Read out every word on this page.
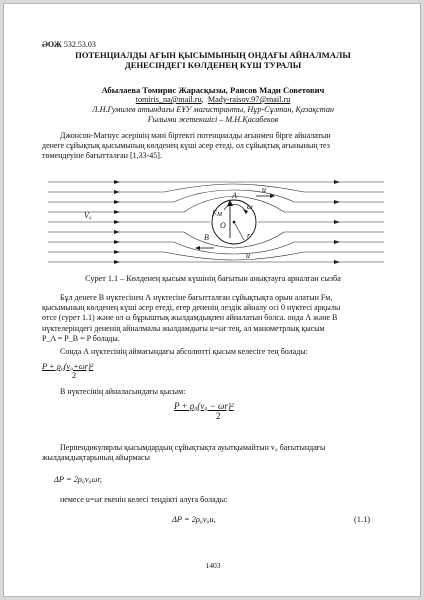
ӘОЖ 532.53.03
ПОТЕНЦИАЛДЫ АҒЫН ҚЫСЫМЫНЫҢ ОНДАҒЫ АЙНАЛМАЛЫ
ДЕНЕСІНДЕГІ КӨЛДЕНЕҢ КҮШ ТУРАЛЫ
Абылаева Томирис Жарасқызы, Раисов Мади Советович
tomiris_na@mail.ru,  Mady-raisov.97@mail.ru
Л.Н.Гумилев атындағы ЕҰУ магистранты, Нұр-Сұлтан, Қазақстан
Ғылыми жетекшісі – М.Н.Қасабеков
Джонсон-Магнус әсерінің мәні біртекті потенциалды ағынмен бірге айналатын
денеге сұйықтық қысымының көлденең күші әсер етеді, ол сұйықтық ағынының тез
төмендеуіне бағытталған [1,33-45].
V₀	Fм
ω
u
O
A
B	r
u
Сурет 1.1 – Көлденең қысым күшінің бағытын анықтауға арналған сызба
Бұл денеге В нүктесінен А нүктесіне бағытталған сұйықтықта орын алатын Fм,
қысымының көлденең күші әсер етеді, егер дененің лездік айналу осі 0 нүктесі арқылы
өтсе (сурет 1.1) және ол ω бұрыштық жылдамдықпен айналатын болса. онда А және В
нүктелеріндегі дененің айналмалы жылдамдығы u=ωr тең, ал манометрлық қысым
P_A = P_B = P болады.
Сонда А нүктесінің аймағындағы абсолютті қысым келесіге тең болады:
P + ρ₀(v₀+ωr)²
2
В нүктесінің айналасындағы қысым:
P + ρ₀(v₀ − ωr)²
2
Перпендикулярлы қысымдардың сұйықтықта ауытқымайтын v₀ бағытындағы
жылдамдықтарының айырмасы
ΔP = 2ρ₀v₀ωr,
немесе u=ωr екенін келесі теңдікті алуға болады:
ΔP = 2ρ₀v₀u,	(1.1)
1403
